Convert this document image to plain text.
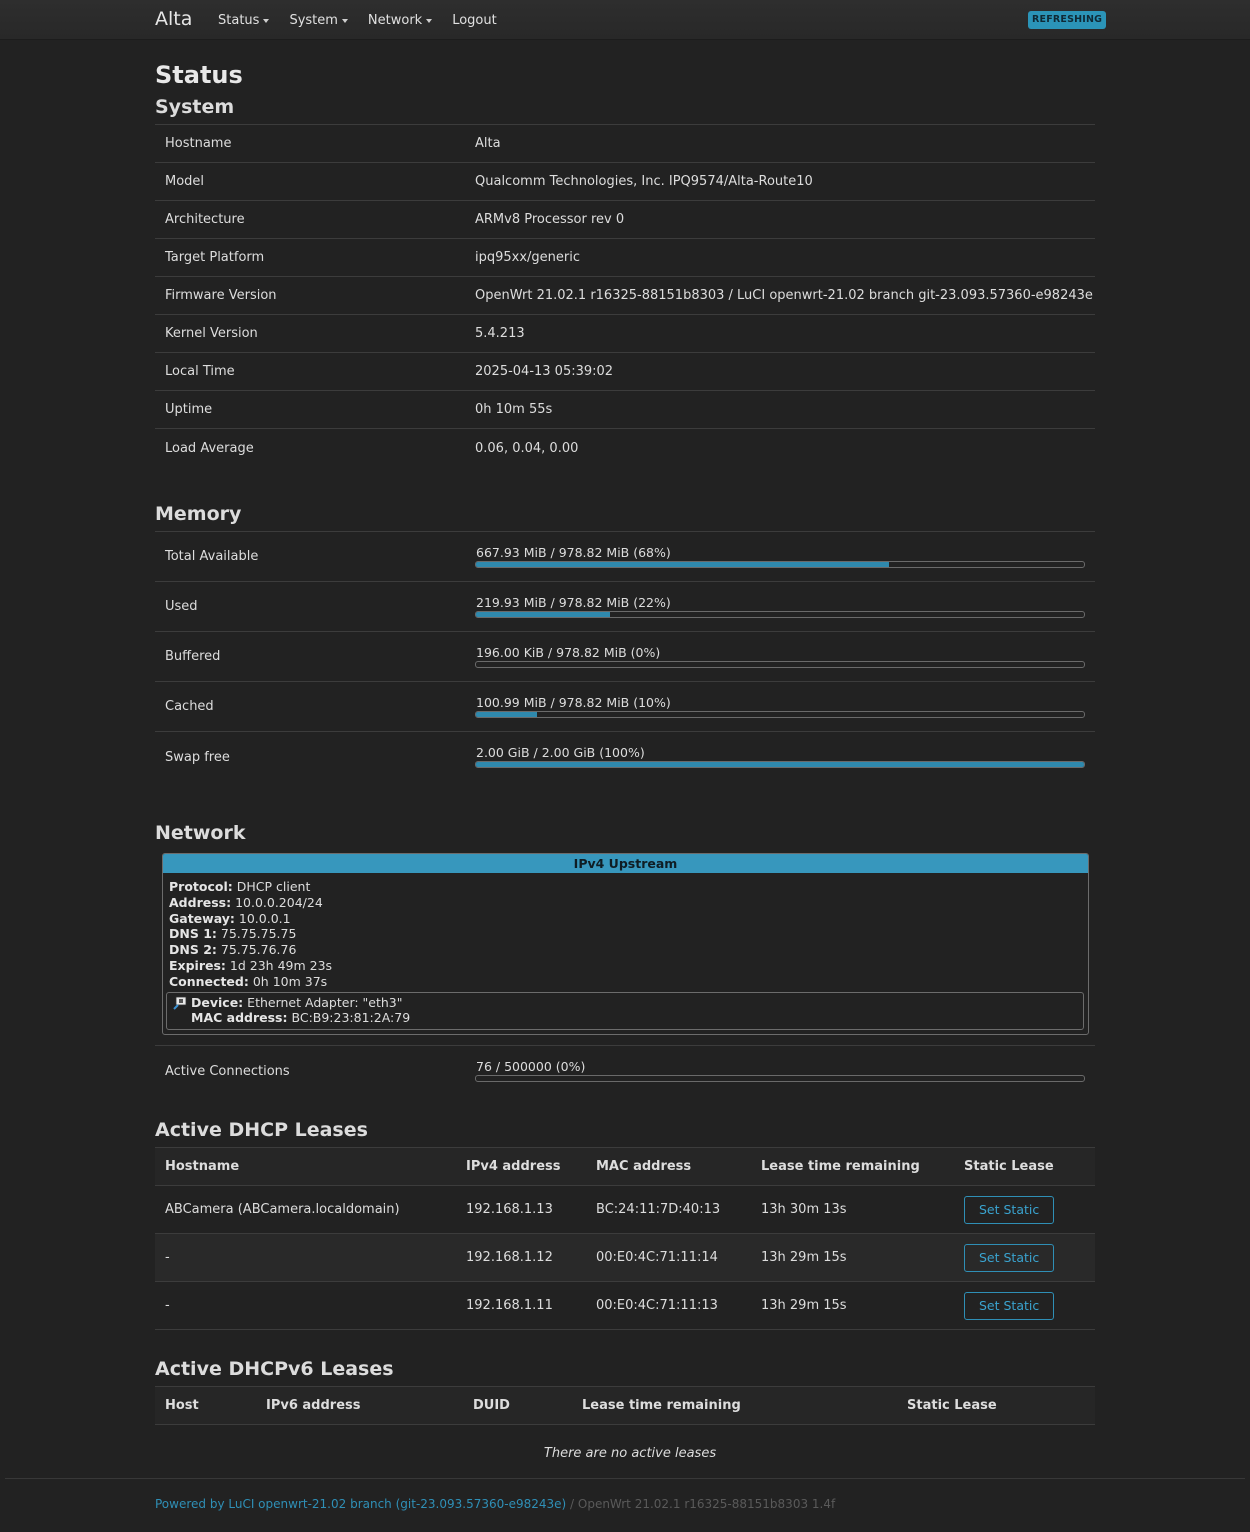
Alta Status System Network Logout	REFRESHING
Status
System
Hostname	Alta
Model	Qualcomm Technologies, Inc. IPQ9574/Alta-Route10
Architecture	ARMv8 Processor rev 0
Target Platform	ipq95xx/generic
Firmware Version	OpenWrt 21.02.1 r16325-88151b8303 / LuCI openwrt-21.02 branch git-23.093.57360-e98243e
Kernel Version	5.4.213
Local Time	2025-04-13 05:39:02
Uptime	0h 10m 55s
Load Average	0.06, 0.04, 0.00
Memory
Total Available	667.93 MiB / 978.82 MiB (68%)
Used	219.93 MiB / 978.82 MiB (22%)
Buffered	196.00 KiB / 978.82 MiB (0%)
Cached	100.99 MiB / 978.82 MiB (10%)
Swap free	2.00 GiB / 2.00 GiB (100%)
Network
IPv4 Upstream
Protocol: DHCP client
Address: 10.0.0.204/24
Gateway: 10.0.0.1
DNS 1: 75.75.75.75
DNS 2: 75.75.76.76
Expires: 1d 23h 49m 23s
Connected: 0h 10m 37s
Device: Ethernet Adapter: "eth3"
MAC address: BC:B9:23:81:2A:79
Active Connections	76 / 500000 (0%)
Active DHCP Leases
Hostname	IPv4 address	MAC address	Lease time remaining	Static Lease
ABCamera (ABCamera.localdomain)	192.168.1.13	BC:24:11:7D:40:13	13h 30m 13s	Set Static
-	192.168.1.12	00:E0:4C:71:11:14	13h 29m 15s	Set Static
-	192.168.1.11	00:E0:4C:71:11:13	13h 29m 15s	Set Static
Active DHCPv6 Leases
Host	IPv6 address	DUID	Lease time remaining	Static Lease
There are no active leases
Powered by LuCI openwrt-21.02 branch (git-23.093.57360-e98243e) / OpenWrt 21.02.1 r16325-88151b8303 1.4f
